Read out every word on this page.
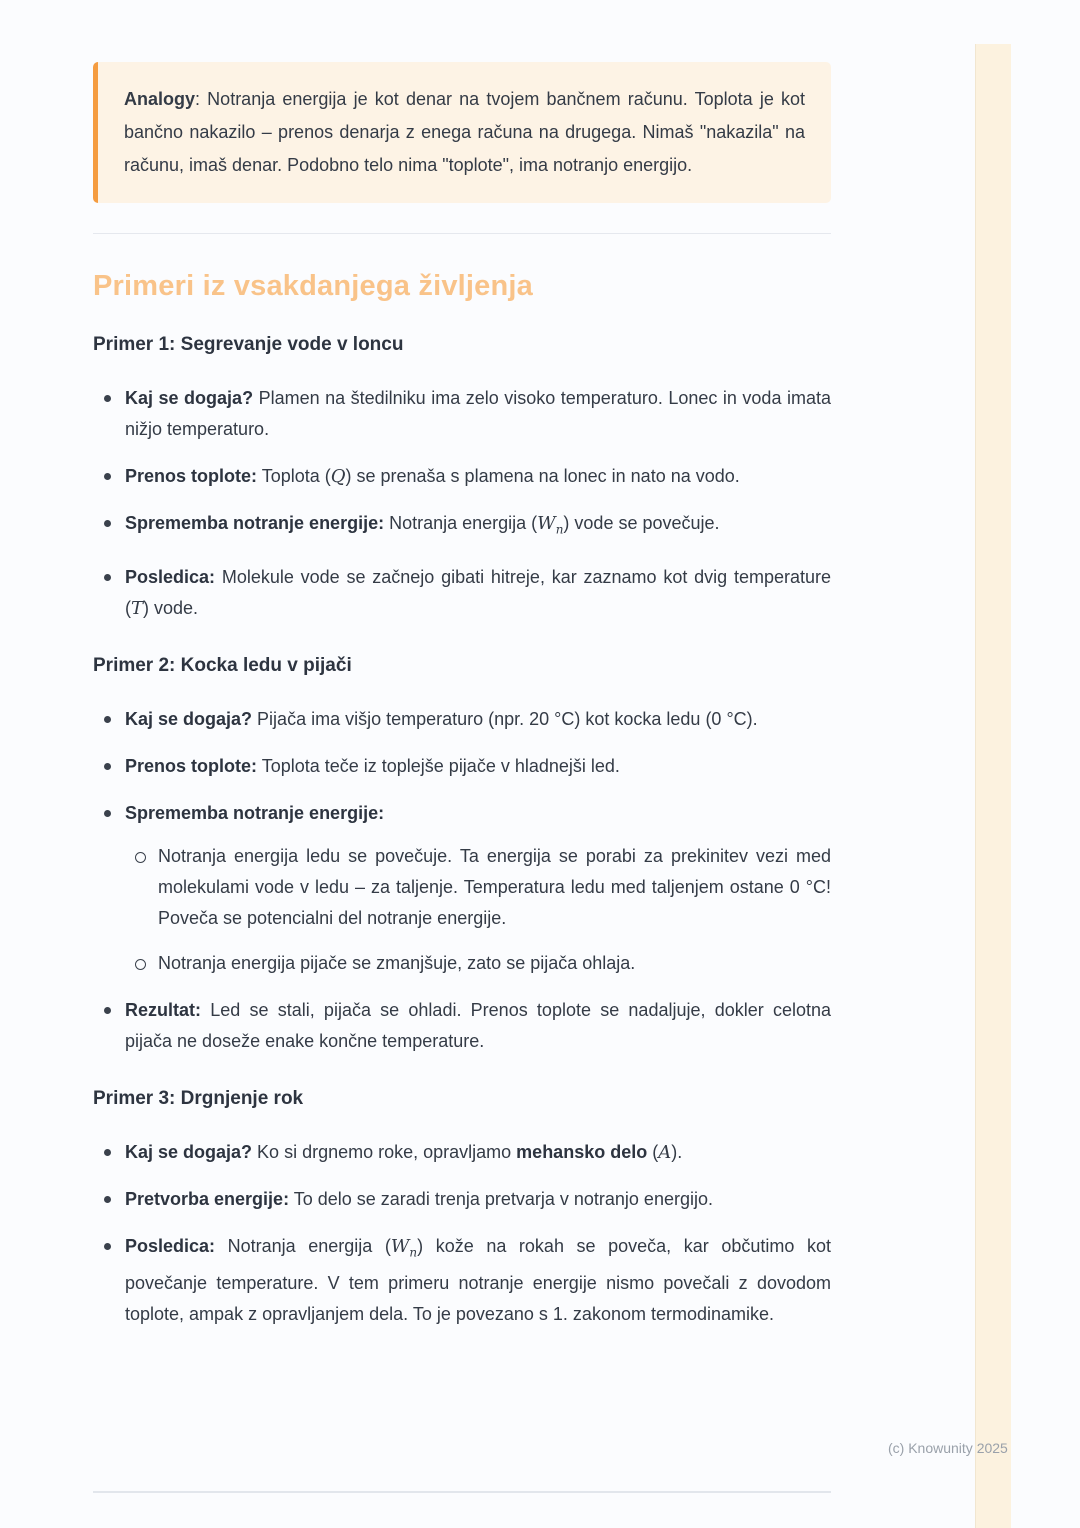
Analogy: Notranja energija je kot denar na tvojem bančnem računu. Toplota je kot bančno nakazilo – prenos denarja z enega računa na drugega. Nimaš "nakazila" na računu, imaš denar. Podobno telo nima "toplote", ima notranjo energijo.

Primeri iz vsakdanjega življenja
Primer 1: Segrevanje vode v loncu
Kaj se dogaja? Plamen na štedilniku ima zelo visoko temperaturo. Lonec in voda imata nižjo temperaturo.
Prenos toplote: Toplota (Q) se prenaša s plamena na lonec in nato na vodo.
Sprememba notranje energije: Notranja energija $(W_n)$ vode se povečuje.
Posledica: Molekule vode se začnejo gibati hitreje, kar zaznamo kot dvig temperature (T) vode.
Primer 2: Kocka ledu v pijači
Kaj se dogaja? Pijača ima višjo temperaturo (npr. 20 °C) kot kocka ledu (0 °C).
Prenos toplote: Toplota teče iz toplejše pijače v hladnejši led.
Sprememba notranje energije:
Notranja energija ledu se povečuje. Ta energija se porabi za prekinitev vezi med molekulami vode v ledu – za taljenje. Temperatura ledu med taljenjem ostane 0 °C! Poveča se potencialni del notranje energije.
Notranja energija pijače se zmanjšuje, zato se pijača ohlaja.
Rezultat: Led se stali, pijača se ohladi. Prenos toplote se nadaljuje, dokler celotna pijača ne doseže enake končne temperature.
Primer 3: Drgnjenje rok
Kaj se dogaja? Ko si drgnemo roke, opravljamo mehansko delo (A).
Pretvorba energije: To delo se zaradi trenja pretvarja v notranjo energijo.
Posledica: Notranja energija $(W_n)$ kože na rokah se poveča, kar občutimo kot povečanje temperature. V tem primeru notranje energije nismo povečali z dovodom toplote, ampak z opravljanjem dela. To je povezano s 1. zakonom termodinamike.
(c) Knowunity 2025
